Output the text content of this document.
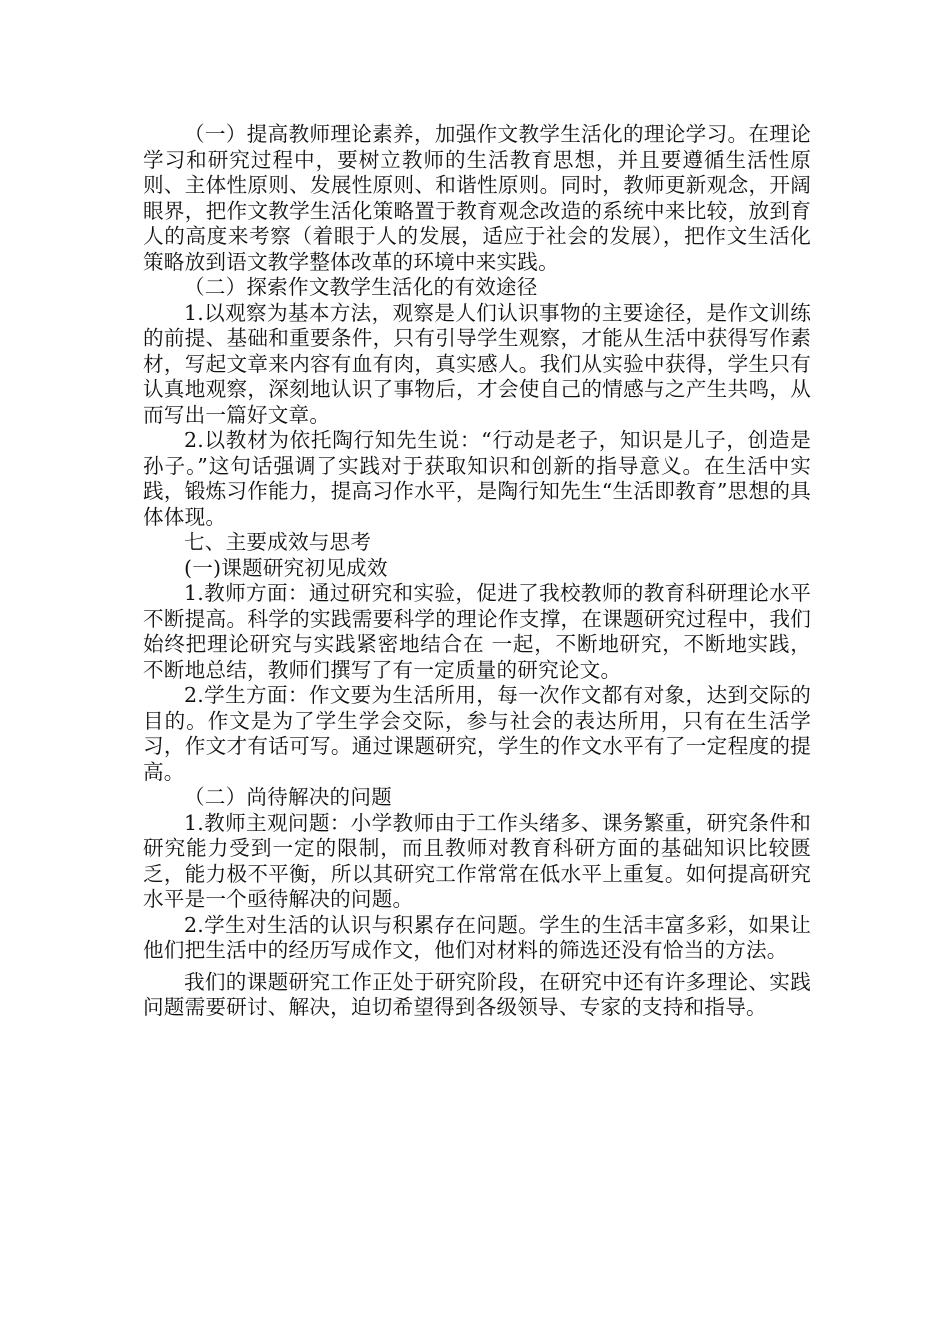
（一）提高教师理论素养，加强作文教学生活化的理论学习。在理论学习和研究过程中，要树立教师的生活教育思想，并且要遵循生活性原则、主体性原则、发展性原则、和谐性原则。同时，教师更新观念，开阔眼界，把作文教学生活化策略置于教育观念改造的系统中来比较，放到育人的高度来考察（着眼于人的发展，适应于社会的发展），把作文生活化策略放到语文教学整体改革的环境中来实践。

（二）探索作文教学生活化的有效途径

1.以观察为基本方法，观察是人们认识事物的主要途径，是作文训练的前提、基础和重要条件，只有引导学生观察，才能从生活中获得写作素材，写起文章来内容有血有肉，真实感人。我们从实验中获得，学生只有认真地观察，深刻地认识了事物后，才会使自己的情感与之产生共鸣，从而写出一篇好文章。

2.以教材为依托陶行知先生说：“行动是老子，知识是儿子，创造是孙子。”这句话强调了实践对于获取知识和创新的指导意义。在生活中实践，锻炼习作能力，提高习作水平，是陶行知先生“生活即教育”思想的具体体现。

七、主要成效与思考

(一)课题研究初见成效

1.教师方面：通过研究和实验，促进了我校教师的教育科研理论水平不断提高。科学的实践需要科学的理论作支撑，在课题研究过程中，我们始终把理论研究与实践紧密地结合在 一起，不断地研究，不断地实践，不断地总结，教师们撰写了有一定质量的研究论文。

2.学生方面：作文要为生活所用，每一次作文都有对象，达到交际的目的。作文是为了学生学会交际，参与社会的表达所用，只有在生活学习，作文才有话可写。通过课题研究，学生的作文水平有了一定程度的提高。

（二）尚待解决的问题

1.教师主观问题：小学教师由于工作头绪多、课务繁重，研究条件和研究能力受到一定的限制，而且教师对教育科研方面的基础知识比较匮乏，能力极不平衡，所以其研究工作常常在低水平上重复。如何提高研究水平是一个亟待解决的问题。

2.学生对生活的认识与积累存在问题。学生的生活丰富多彩，如果让他们把生活中的经历写成作文，他们对材料的筛选还没有恰当的方法。

我们的课题研究工作正处于研究阶段，在研究中还有许多理论、实践问题需要研讨、解决，迫切希望得到各级领导、专家的支持和指导。
